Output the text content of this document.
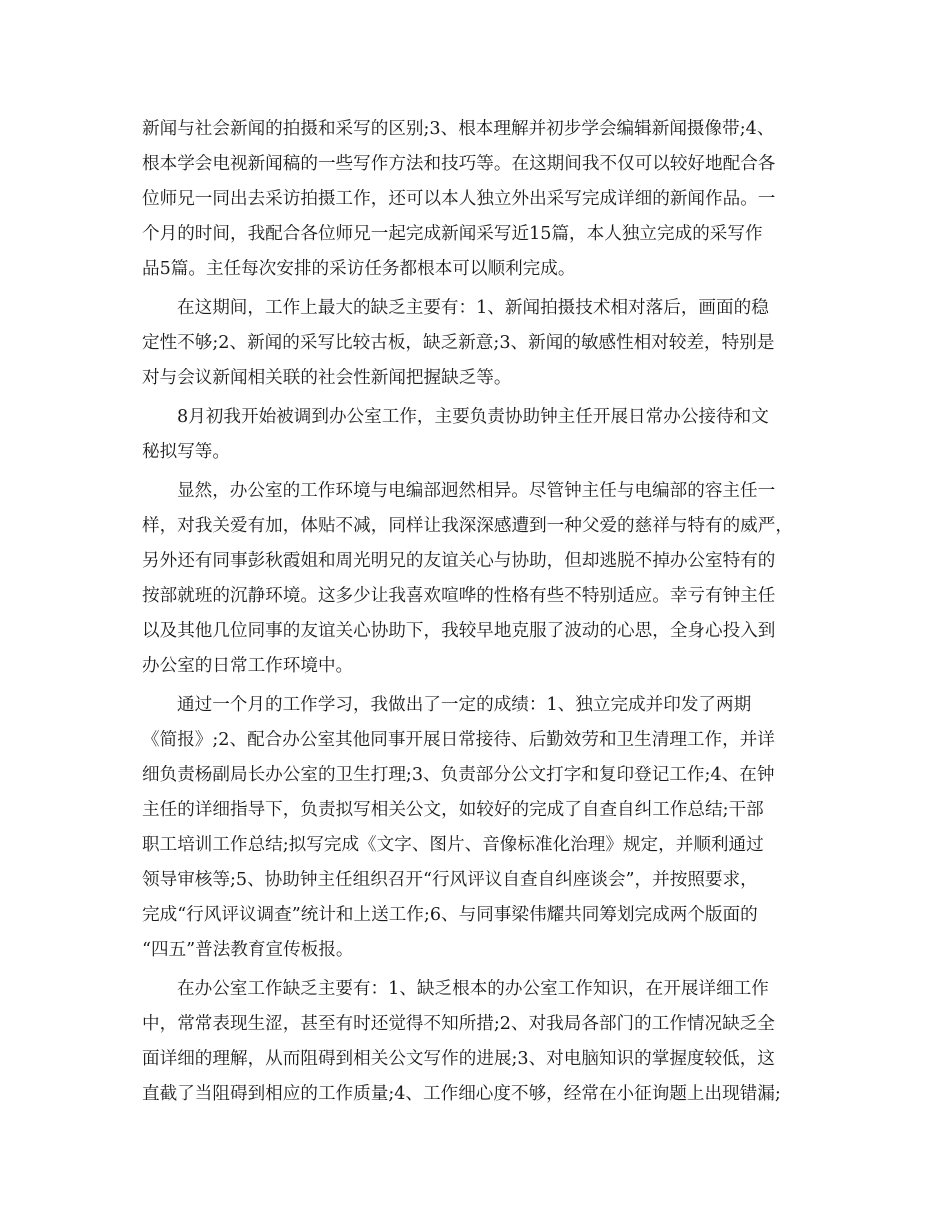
新闻与社会新闻的拍摄和采写的区别;3、根本理解并初步学会编辑新闻摄像带;4、
根本学会电视新闻稿的一些写作方法和技巧等。在这期间我不仅可以较好地配合各
位师兄一同出去采访拍摄工作，还可以本人独立外出采写完成详细的新闻作品。一
个月的时间，我配合各位师兄一起完成新闻采写近15篇，本人独立完成的采写作
品5篇。主任每次安排的采访任务都根本可以顺利完成。
在这期间，工作上最大的缺乏主要有：1、新闻拍摄技术相对落后，画面的稳
定性不够;2、新闻的采写比较古板，缺乏新意;3、新闻的敏感性相对较差，特别是
对与会议新闻相关联的社会性新闻把握缺乏等。
8月初我开始被调到办公室工作，主要负责协助钟主任开展日常办公接待和文
秘拟写等。
显然，办公室的工作环境与电编部迥然相异。尽管钟主任与电编部的容主任一
样，对我关爱有加，体贴不减，同样让我深深感遭到一种父爱的慈祥与特有的威严，
另外还有同事彭秋霞姐和周光明兄的友谊关心与协助，但却逃脱不掉办公室特有的
按部就班的沉静环境。这多少让我喜欢喧哗的性格有些不特别适应。幸亏有钟主任
以及其他几位同事的友谊关心协助下，我较早地克服了波动的心思，全身心投入到
办公室的日常工作环境中。
通过一个月的工作学习，我做出了一定的成绩：1、独立完成并印发了两期
《简报》;2、配合办公室其他同事开展日常接待、后勤效劳和卫生清理工作，并详
细负责杨副局长办公室的卫生打理;3、负责部分公文打字和复印登记工作;4、在钟
主任的详细指导下，负责拟写相关公文，如较好的完成了自查自纠工作总结;干部
职工培训工作总结;拟写完成《文字、图片、音像标准化治理》规定，并顺利通过
领导审核等;5、协助钟主任组织召开“行风评议自查自纠座谈会”，并按照要求，
完成“行风评议调查”统计和上送工作;6、与同事梁伟耀共同筹划完成两个版面的
“四五”普法教育宣传板报。
在办公室工作缺乏主要有：1、缺乏根本的办公室工作知识，在开展详细工作
中，常常表现生涩，甚至有时还觉得不知所措;2、对我局各部门的工作情况缺乏全
面详细的理解，从而阻碍到相关公文写作的进展;3、对电脑知识的掌握度较低，这
直截了当阻碍到相应的工作质量;4、工作细心度不够，经常在小征询题上出现错漏;
